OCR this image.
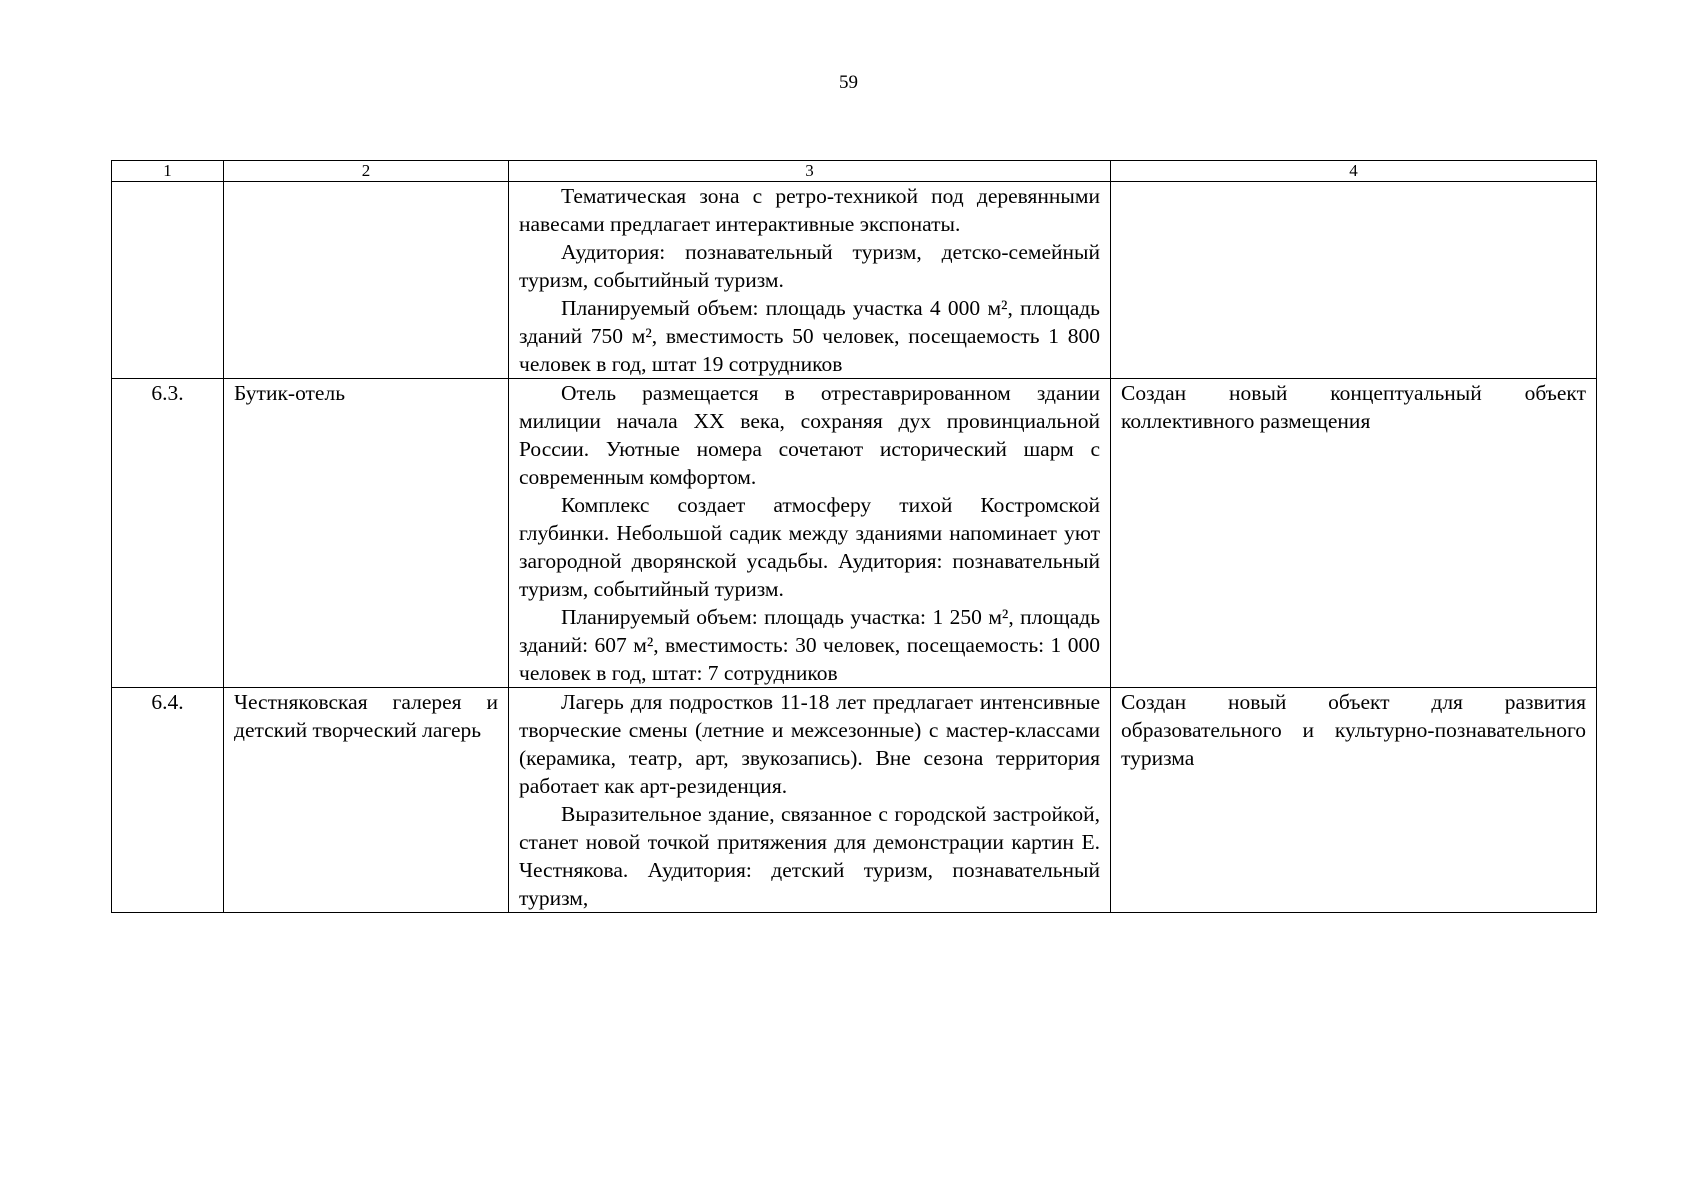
59
1	2	3	4

		Тематическая зона с ретро-техникой под деревянными навесами предлагает интерактивные экспонаты.

Аудитория: познавательный туризм, детско-семейный туризм, событийный туризм.

Планируемый объем: площадь участка 4 000 м², площадь зданий 750 м², вместимость 50 человек, посещаемость 1 800 человек в год, штат 19 сотрудников	

6.3.	Бутик-отель	Отель размещается в отреставрированном здании милиции начала XX века, сохраняя дух провинциальной России. Уютные номера сочетают исторический шарм с современным комфортом.

Комплекс создает атмосферу тихой Костромской глубинки. Небольшой садик между зданиями напоминает уют загородной дворянской усадьбы. Аудитория: познавательный туризм, событийный туризм.

Планируемый объем: площадь участка: 1 250 м², площадь зданий: 607 м², вместимость: 30 человек, посещаемость: 1 000 человек в год, штат: 7 сотрудников	Создан новый концептуальный объект коллективного размещения
6.4.	Честняковская галерея и детский творческий лагерь	Лагерь для подростков 11-18 лет предлагает интенсивные творческие смены (летние и межсезонные) с мастер-классами (керамика, театр, арт, звукозапись). Вне сезона территория работает как арт-резиденция.

Выразительное здание, связанное с городской застройкой, станет новой точкой притяжения для демонстрации картин Е. Честнякова. Аудитория: детский туризм, познавательный туризм,	Создан новый объект для развития образовательного и культурно-познавательного туризма
